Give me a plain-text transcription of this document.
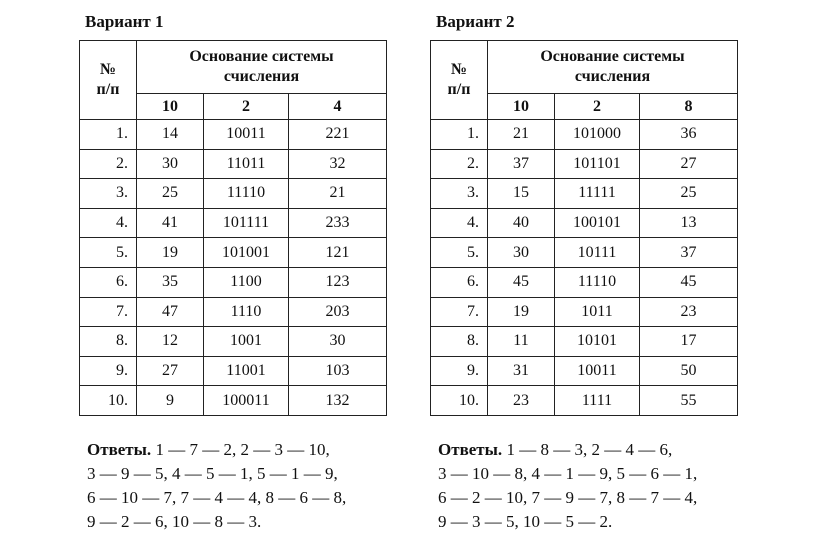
Вариант 1
№
п/п	Основание системы
счисления		
	10	2	4
1.	14	10011	221
2.	30	11011	32
3.	25	11110	21
4.	41	101111	233
5.	19	101001	121
6.	35	1100	123
7.	47	1110	203
8.	12	1001	30
9.	27	11001	103
10.	9	100011	132
Вариант 2
№
п/п	Основание системы
счисления		
	10	2	8
1.	21	101000	36
2.	37	101101	27
3.	15	11111	25
4.	40	100101	13
5.	30	10111	37
6.	45	11110	45
7.	19	1011	23
8.	11	10101	17
9.	31	10011	50
10.	23	1111	55
Ответы. 1 — 7 — 2, 2 — 3 — 10,
3 — 9 — 5, 4 — 5 — 1, 5 — 1 — 9,
6 — 10 — 7, 7 — 4 — 4, 8 — 6 — 8,
9 — 2 — 6, 10 — 8 — 3.
Ответы. 1 — 8 — 3, 2 — 4 — 6,
3 — 10 — 8, 4 — 1 — 9, 5 — 6 — 1,
6 — 2 — 10, 7 — 9 — 7, 8 — 7 — 4,
9 — 3 — 5, 10 — 5 — 2.
